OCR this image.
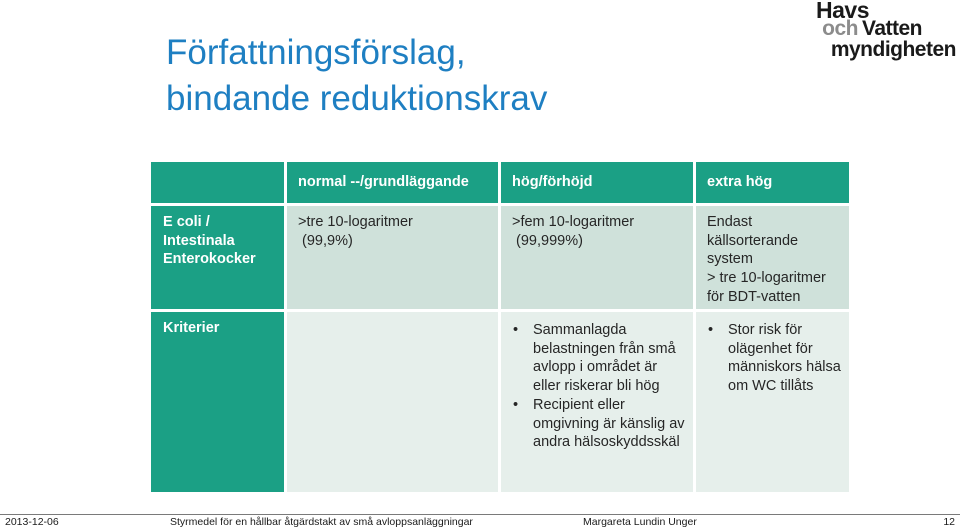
Havs
och Vatten
myndigheten
Författningsförslag,
bindande reduktionskrav
normal --/grundläggande	hög/förhöjd	extra hög
E coli /
Intestinala
Enterokocker
>tre 10-logaritmer
(99,9%)
>fem 10-logaritmer
(99,999%)
Endast
källsorterande
system
> tre 10-logaritmer
för BDT-vatten
Kriterier
•	Sammanlagda belastningen från små avlopp i området är eller riskerar bli hög
• Recipient eller omgivning är känslig av andra hälsoskyddsskäl
• Stor risk för olägenhet för människors hälsa om WC tillåts
2013-12-06	Styrmedel för en hållbar åtgärdstakt av små avloppsanläggningar	Margareta Lundin Unger	12
